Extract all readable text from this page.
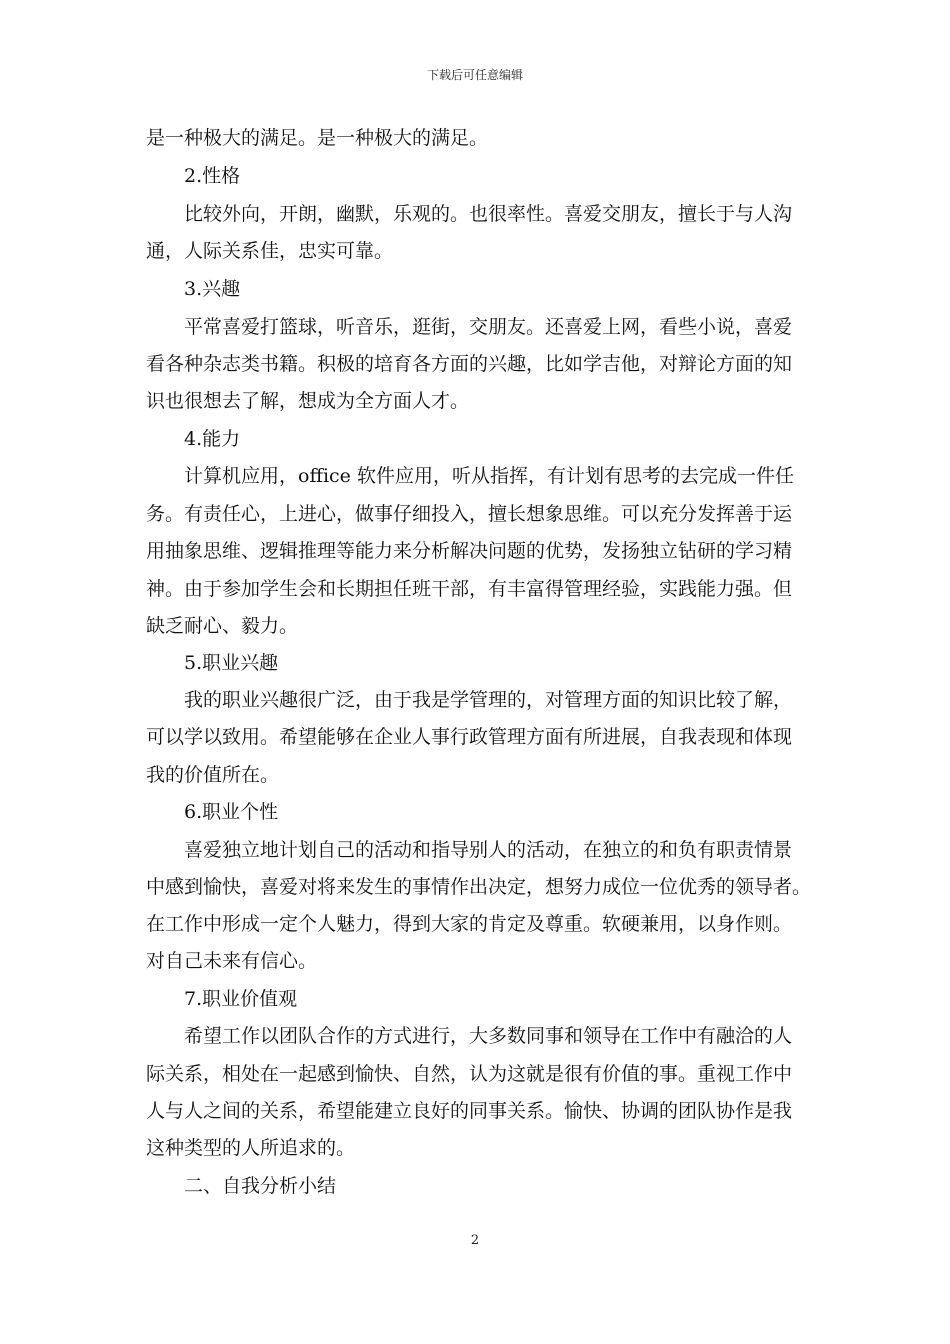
下载后可任意编辑
是一种极大的满足。是一种极大的满足。
2.性格
比较外向，开朗，幽默，乐观的。也很率性。喜爱交朋友，擅长于与人沟
通，人际关系佳，忠实可靠。
3.兴趣
平常喜爱打篮球，听音乐，逛街，交朋友。还喜爱上网，看些小说，喜爱
看各种杂志类书籍。积极的培育各方面的兴趣，比如学吉他，对辩论方面的知
识也很想去了解，想成为全方面人才。
4.能力
计算机应用，office 软件应用，听从指挥，有计划有思考的去完成一件任
务。有责任心，上进心，做事仔细投入，擅长想象思维。可以充分发挥善于运
用抽象思维、逻辑推理等能力来分析解决问题的优势，发扬独立钻研的学习精
神。由于参加学生会和长期担任班干部，有丰富得管理经验，实践能力强。但
缺乏耐心、毅力。
5.职业兴趣
我的职业兴趣很广泛，由于我是学管理的，对管理方面的知识比较了解，
可以学以致用。希望能够在企业人事行政管理方面有所进展，自我表现和体现
我的价值所在。
6.职业个性
喜爱独立地计划自己的活动和指导别人的活动，在独立的和负有职责情景
中感到愉快，喜爱对将来发生的事情作出决定，想努力成位一位优秀的领导者。
在工作中形成一定个人魅力，得到大家的肯定及尊重。软硬兼用，以身作则。
对自己未来有信心。
7.职业价值观
希望工作以团队合作的方式进行，大多数同事和领导在工作中有融洽的人
际关系，相处在一起感到愉快、自然，认为这就是很有价值的事。重视工作中
人与人之间的关系，希望能建立良好的同事关系。愉快、协调的团队协作是我
这种类型的人所追求的。
二、自我分析小结
2
